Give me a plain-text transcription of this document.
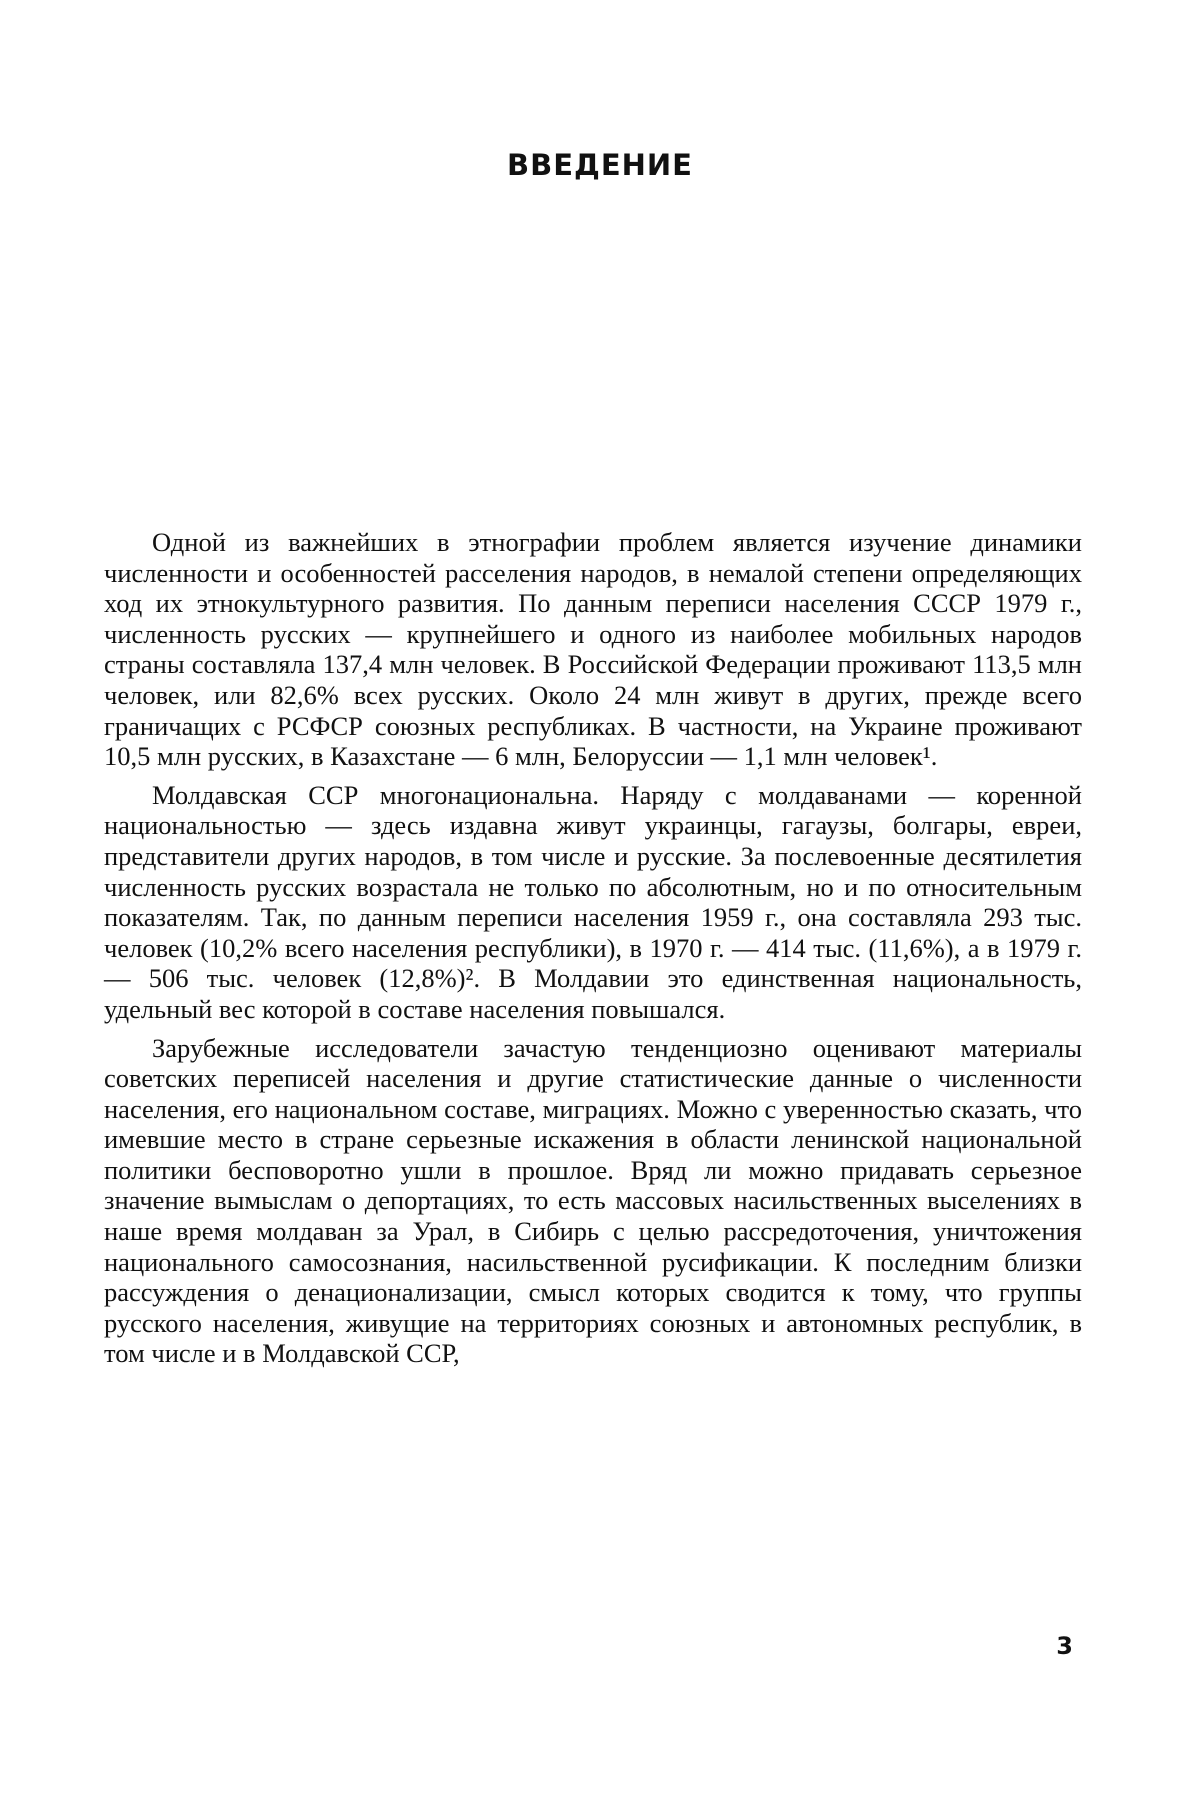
ВВЕДЕНИЕ

Одной из важнейших в этнографии проблем является изучение динамики численности и особенностей расселения народов, в немалой степени определяющих ход их этнокультурного развития. По данным переписи населения СССР 1979 г., численность русских — крупнейшего и одного из наиболее мобильных народов страны составляла 137,4 млн человек. В Российской Федерации проживают 113,5 млн человек, или 82,6% всех русских. Около 24 млн живут в других, прежде всего граничащих с РСФСР союзных республиках. В частности, на Украине проживают 10,5 млн русских, в Казахстане — 6 млн, Белоруссии — 1,1 млн человек¹.

Молдавская ССР многонациональна. Наряду с молдаванами — коренной национальностью — здесь издавна живут украинцы, гагаузы, болгары, евреи, представители других народов, в том числе и русские. За послевоенные десятилетия численность русских возрастала не только по абсолютным, но и по относительным показателям. Так, по данным переписи населения 1959 г., она составляла 293 тыс. человек (10,2% всего населения республики), в 1970 г. — 414 тыс. (11,6%), а в 1979 г. — 506 тыс. человек (12,8%)². В Молдавии это единственная национальность, удельный вес которой в составе населения повышался.

Зарубежные исследователи зачастую тенденциозно оценивают материалы советских переписей населения и другие статистические данные о численности населения, его национальном составе, миграциях. Можно с уверенностью сказать, что имевшие место в стране серьезные искажения в области ленинской национальной политики бесповоротно ушли в прошлое. Вряд ли можно придавать серьезное значение вымыслам о депортациях, то есть массовых насильственных выселениях в наше время молдаван за Урал, в Сибирь с целью рассредоточения, уничтожения национального самосознания, насильственной русификации. К последним близки рассуждения о денационализации, смысл которых сводится к тому, что группы русского населения, живущие на территориях союзных и автономных республик, в том числе и в Молдавской ССР,

3
